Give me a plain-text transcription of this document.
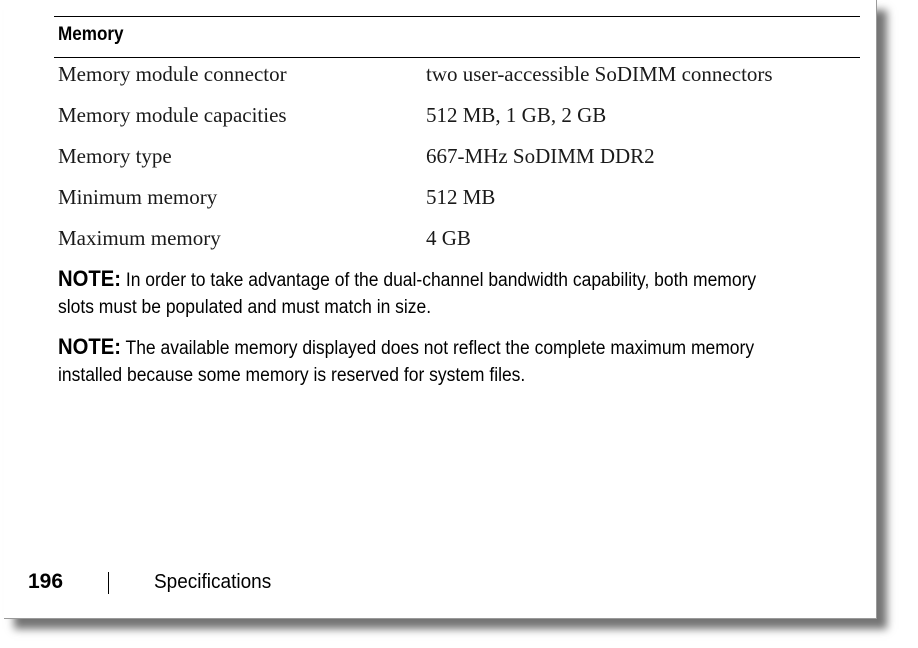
Memory
Memory module connector	two user-accessible SoDIMM connectors
Memory module capacities	512 MB, 1 GB, 2 GB
Memory type	667-MHz SoDIMM DDR2
Minimum memory	512 MB
Maximum memory	4 GB
NOTE: In order to take advantage of the dual-channel bandwidth capability, both memory slots must be populated and must match in size.
NOTE: The available memory displayed does not reflect the complete maximum memory installed because some memory is reserved for system files.
196	Specifications
